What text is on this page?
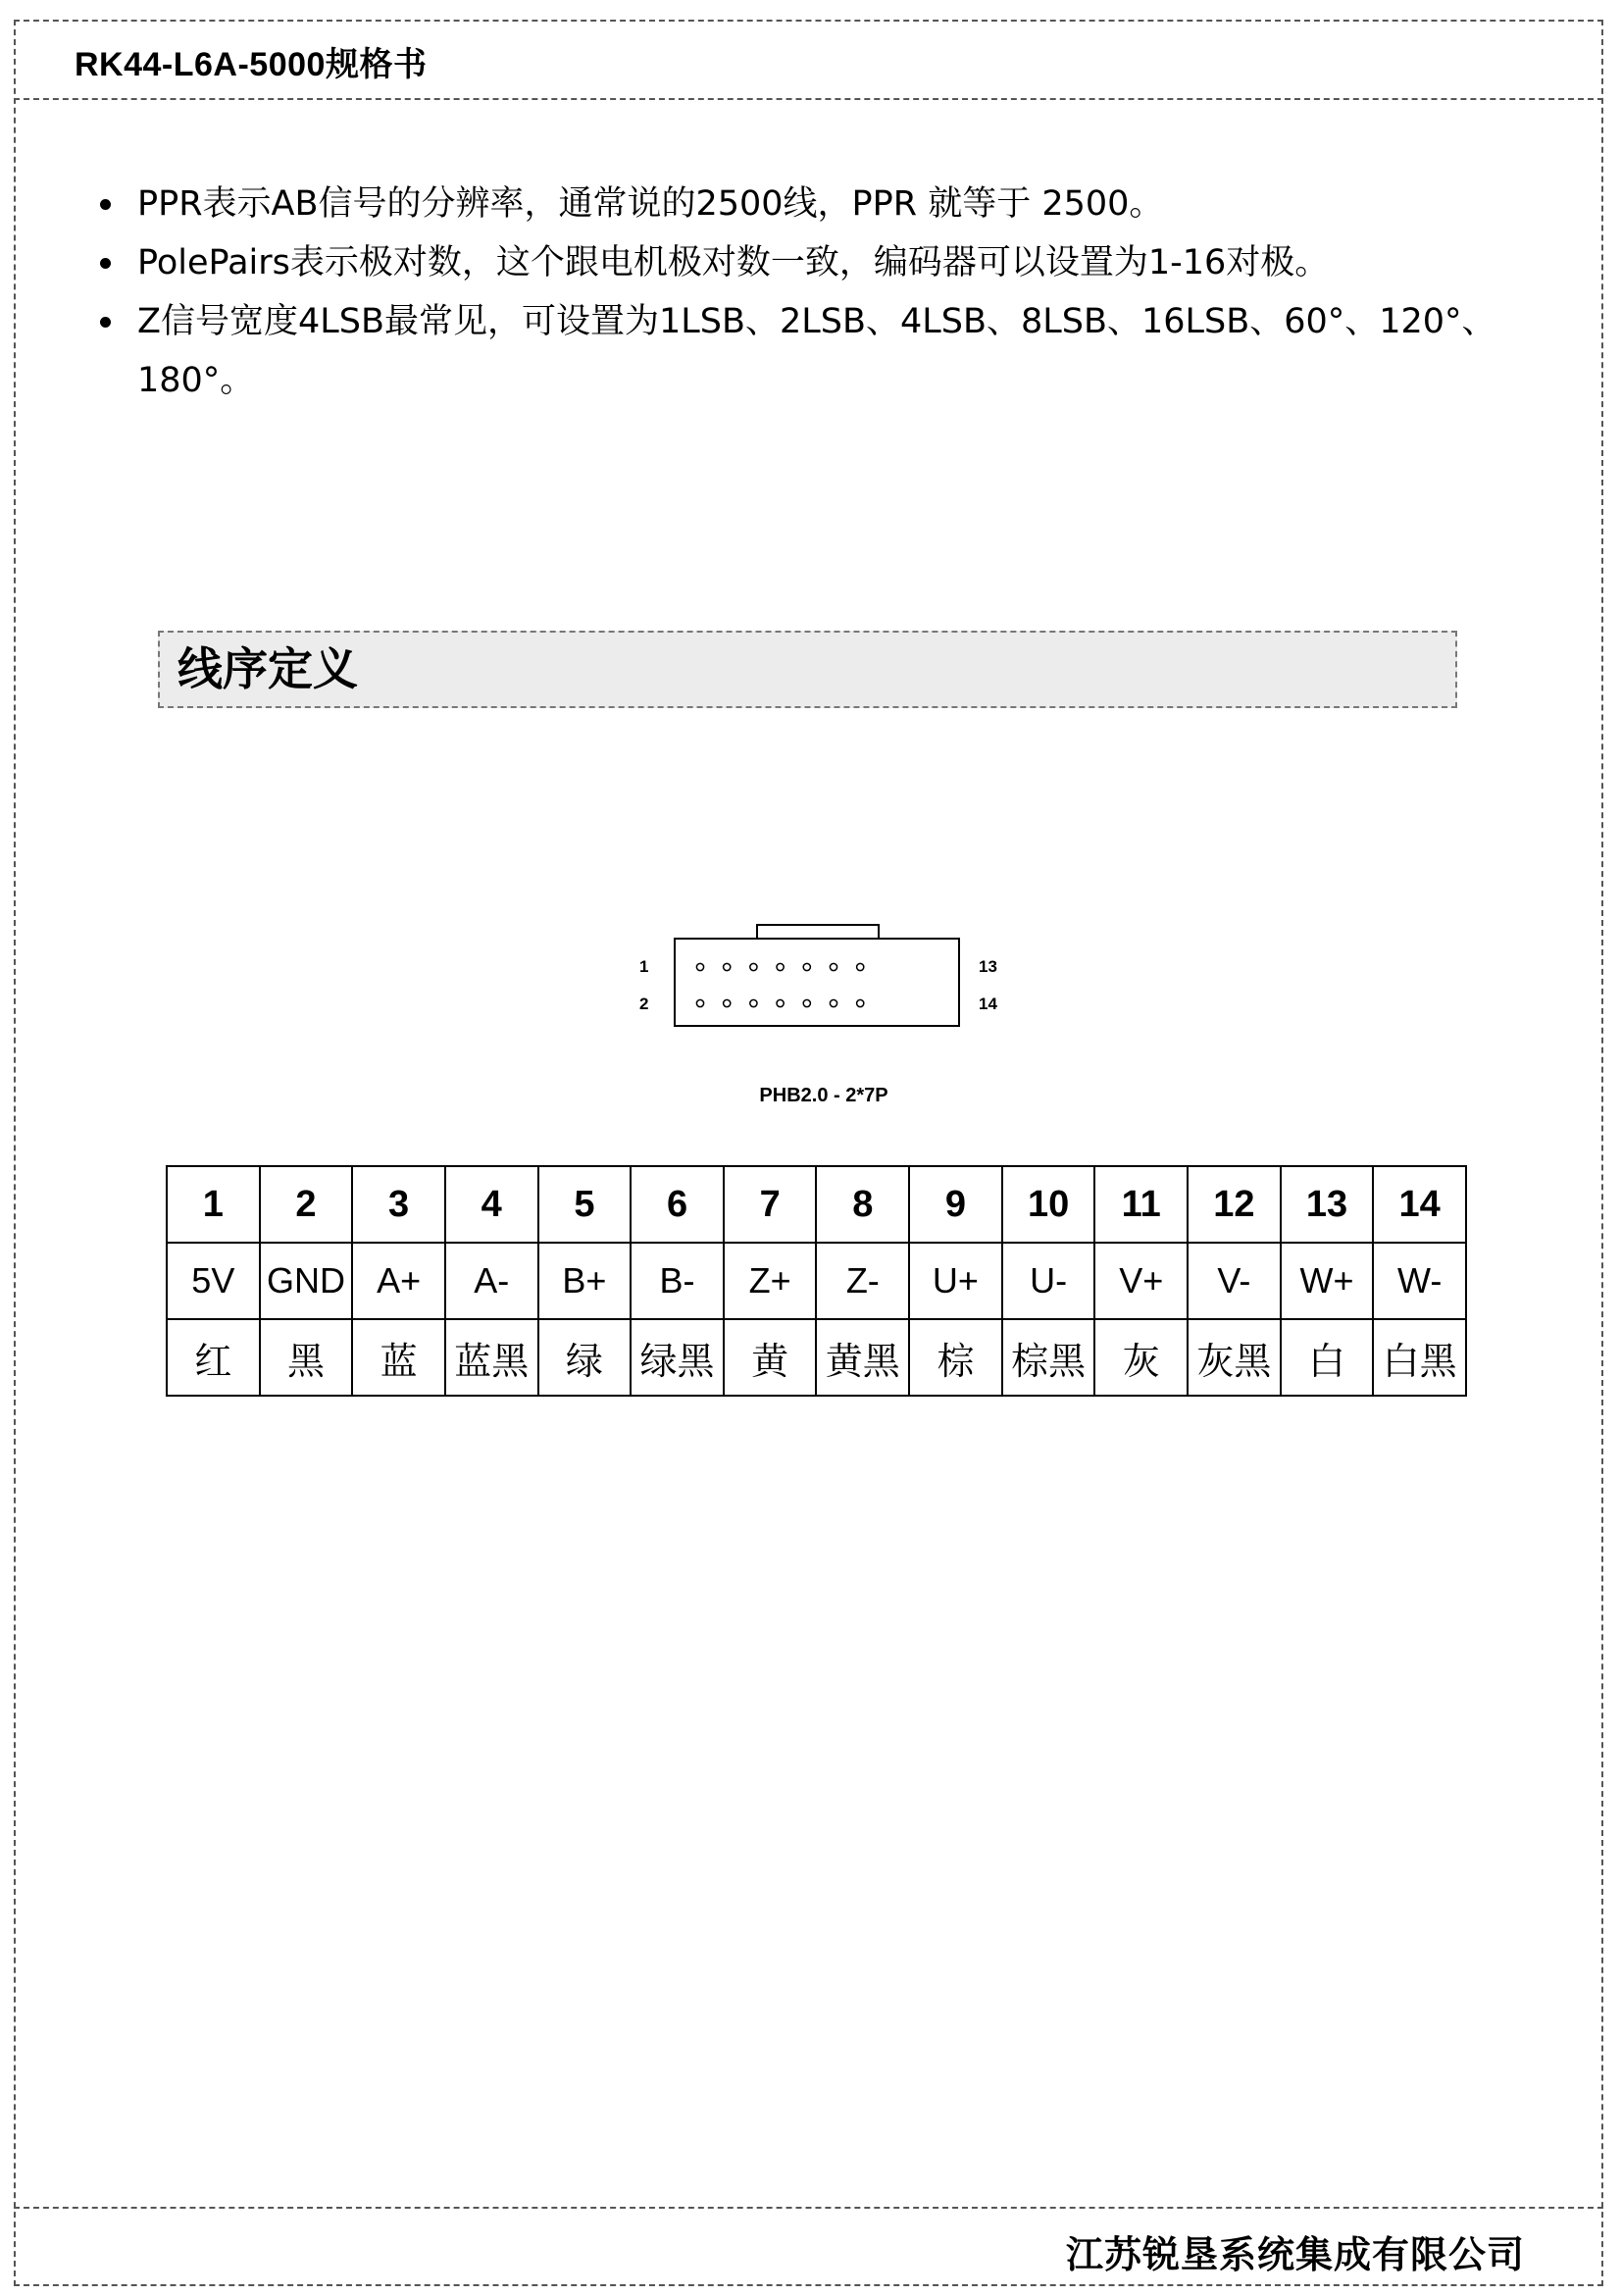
RK44-L6A-5000规格书
PPR表示AB信号的分辨率，通常说的2500线，PPR 就等于 2500。
PolePairs表示极对数，这个跟电机极对数一致，编码器可以设置为1-16对极。
Z信号宽度4LSB最常见，可设置为1LSB、2LSB、4LSB、8LSB、16LSB、60°、120°、180°。
线序定义
1
2
13
14
PHB2.0 - 2*7P
1	2	3	4	5	6	7	8	9	10	11	12	13	14
5V	GND	A+	A-	B+	B-	Z+	Z-	U+	U-	V+	V-	W+	W-
红	黑	蓝	蓝黑	绿	绿黑	黄	黄黑	棕	棕黑	灰	灰黑	白	白黑
江苏锐垦系统集成有限公司
